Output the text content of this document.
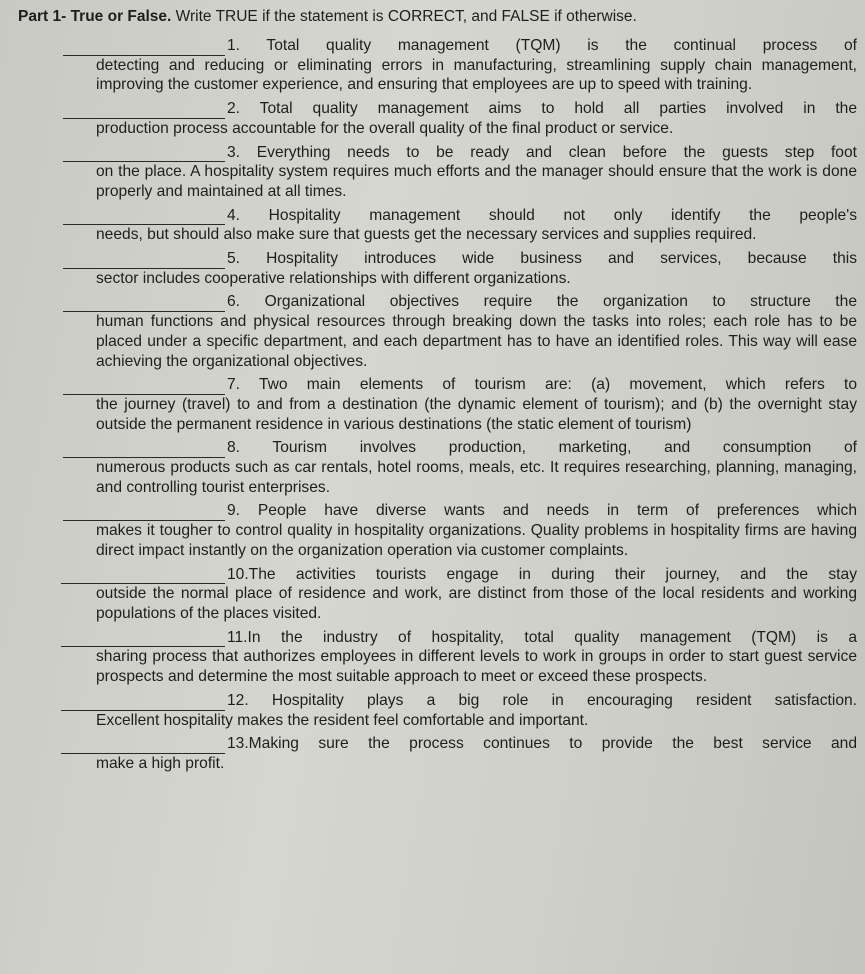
Part 1- True or False. Write TRUE if the statement is CORRECT, and FALSE if otherwise.
1. Total quality management (TQM) is the continual process of
detecting and reducing or eliminating errors in manufacturing, streamlining supply chain management, improving the customer experience, and ensuring that employees are up to speed with training.
2. Total quality management aims to hold all parties involved in the
production process accountable for the overall quality of the final product or service.
3. Everything needs to be ready and clean before the guests step foot
on the place. A hospitality system requires much efforts and the manager should ensure that the work is done properly and maintained at all times.
4. Hospitality management should not only identify the people's
needs, but should also make sure that guests get the necessary services and supplies required.
5. Hospitality introduces wide business and services, because this
sector includes cooperative relationships with different organizations.
6. Organizational objectives require the organization to structure the
human functions and physical resources through breaking down the tasks into roles; each role has to be placed under a specific department, and each department has to have an identified roles. This way will ease achieving the organizational objectives.
7. Two main elements of tourism are: (a) movement, which refers to
the journey (travel) to and from a destination (the dynamic element of tourism); and (b) the overnight stay outside the permanent residence in various destinations (the static element of tourism)
8. Tourism involves production, marketing, and consumption of
numerous products such as car rentals, hotel rooms, meals, etc. It requires researching, planning, managing, and controlling tourist enterprises.
9. People have diverse wants and needs in term of preferences which
makes it tougher to control quality in hospitality organizations. Quality problems in hospitality firms are having direct impact instantly on the organization operation via customer complaints.
10.The activities tourists engage in during their journey, and the stay
outside the normal place of residence and work, are distinct from those of the local residents and working populations of the places visited.
11.In the industry of hospitality, total quality management (TQM) is a
sharing process that authorizes employees in different levels to work in groups in order to start guest service prospects and determine the most suitable approach to meet or exceed these prospects.
12. Hospitality plays a big role in encouraging resident satisfaction.
Excellent hospitality makes the resident feel comfortable and important.
13.Making sure the process continues to provide the best service and
make a high profit.
